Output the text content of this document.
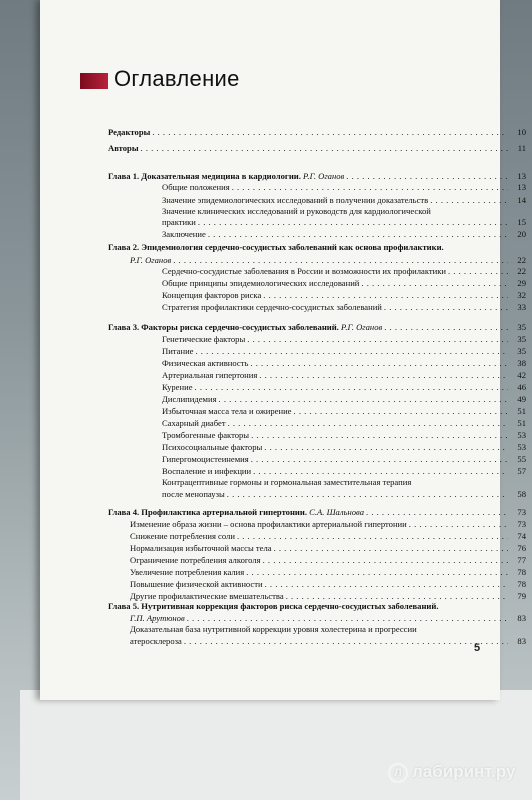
Оглавление
Редакторы . . .	10
Авторы . . .	11
Глава 1. Доказательная медицина в кардиологии.
Р.Г. Оганов . . .	13
Общие положения . . .	13
Значение эпидемиологических исследований в получении доказательств . . .	14
Значение клинических исследований и руководств для кардиологической
практики . . .	15
Заключение . . .	20
Глава 2. Эпидемиология сердечно-сосудистых заболеваний как основа профилактики.
Р.Г. Оганов . . .	22
Сердечно-сосудистые заболевания в России и возможности их профилактики . . .	22
Общие принципы эпидемиологических исследований . . .	29
Концепция факторов риска . . .	32
Стратегия профилактики сердечно-сосудистых заболеваний . . .	33
Глава 3. Факторы риска сердечно-сосудистых заболеваний.
Р.Г. Оганов . . .	35
Генетические факторы . . .	35
Питание . . .	35
Физическая активность . . .	38
Артериальная гипертония . . .	42
Курение . . .	46
Дислипидемия . . .	49
Избыточная масса тела и ожирение . . .	51
Сахарный диабет . . .	51
Тромбогенные факторы . . .	53
Психосоциальные факторы . . .	53
Гипергомоцистеинемия . . .	55
Воспаление и инфекции . . .	57
Контрацептивные гормоны и гормональная заместительная терапия
после менопаузы . . .	58
Глава 4. Профилактика артериальной гипертонии.
С.А. Шальнова . . .	73
Изменение образа жизни – основа профилактики артериальной гипертонии . . .	73
Снижение потребления соли . . .	74
Нормализация избыточной массы тела . . .	76
Ограничение потребления алкоголя . . .	77
Увеличение потребления калия . . .	78
Повышение физической активности . . .	78
Другие профилактические вмешательства . . .	79
Глава 5. Нутритивная коррекция факторов риска сердечно-сосудистых заболеваний.
Г.П. Арутюнов . . .	83
Доказательная база нутритивной коррекции уровня холестерина и прогрессии
атеросклероза . . .	83
5
Л лабиринт.ру
